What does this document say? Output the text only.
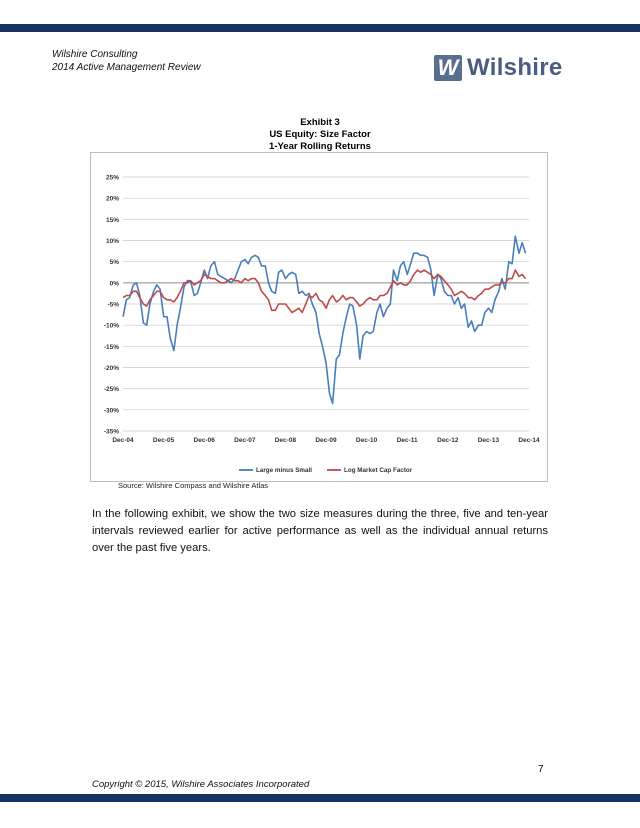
Wilshire Consulting
2014 Active Management Review	W Wilshire
Exhibit 3
US Equity: Size Factor
1-Year Rolling Returns
25%
20%
15%
10%
5%
0%
-5%
-10%
-15%
-20%
-25%
-30%
-35%
Dec-04	Dec-05	Dec-06	Dec-07	Dec-08	Dec-09	Dec-10	Dec-11	Dec-12	Dec-13	Dec-14
Large minus Small	Log Market Cap Factor
Source: Wilshire Compass and Wilshire Atlas
In the following exhibit, we show the two size measures during the three, five and ten-year intervals reviewed earlier for active performance as well as the individual annual returns over the past five years.
7
Copyright © 2015, Wilshire Associates Incorporated
